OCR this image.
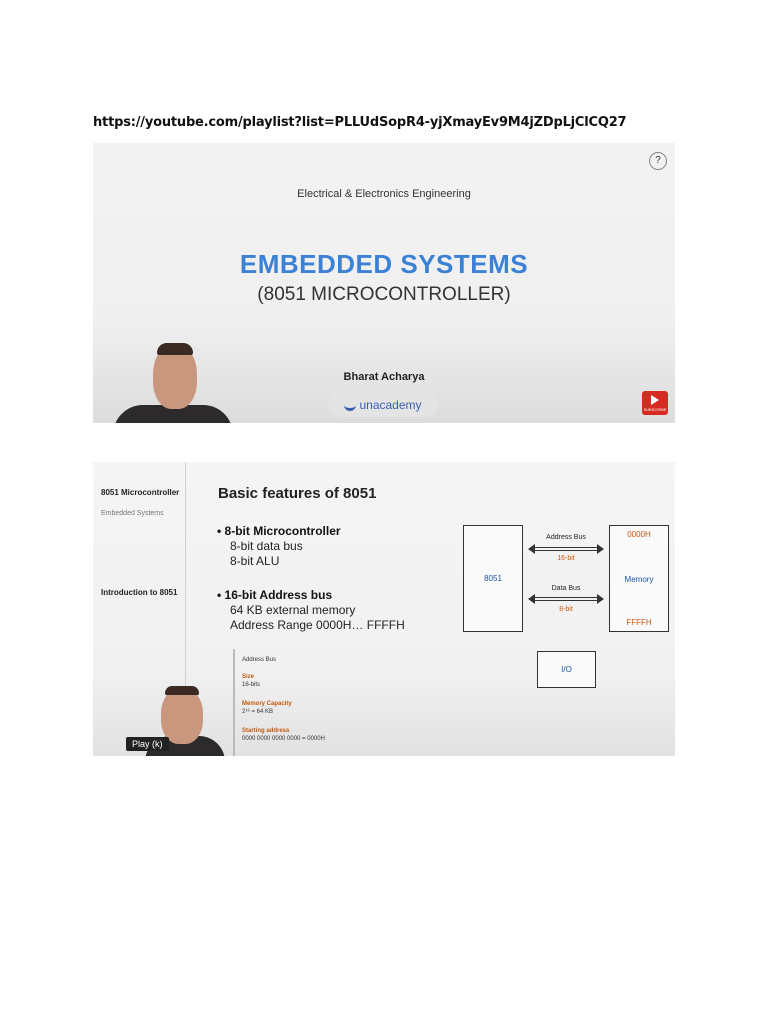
https://youtube.com/playlist?list=PLLUdSopR4-yjXmayEv9M4jZDpLjClCQ27
?
Electrical & Electronics Engineering
EMBEDDED SYSTEMS
(8051 MICROCONTROLLER)
Bharat Acharya
unacademy	SUBSCRIBE
8051 Microcontroller
Embedded Systems
Introduction to 8051
Basic features of 8051
• 8-bit Microcontroller
8-bit data bus
8-bit ALU
• 16-bit Address bus
64 KB external memory
Address Range 0000H… FFFFH
8051
0000H
Memory
FFFFH
Address Bus
16-bit
Data Bus
8-bit
I/O
Address Bus
Size
16-bits
Memory Capacity
2¹⁶ = 64 KB
Starting address
0000 0000 0000 0000 = 0000H
Play (k)
